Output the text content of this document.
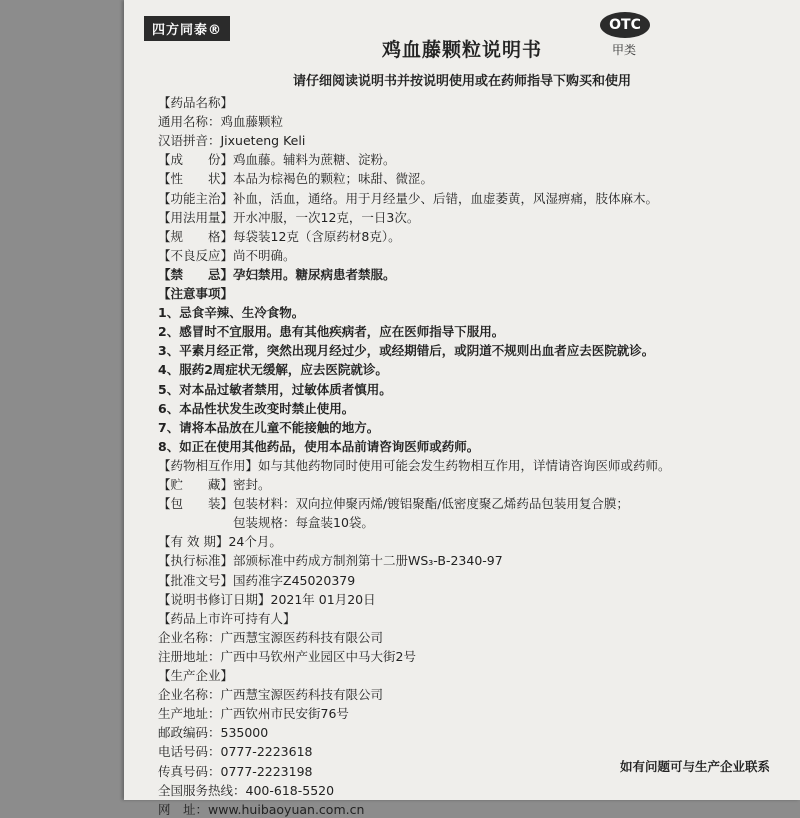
四方同泰®
鸡血藤颗粒说明书
OTC
甲类
请仔细阅读说明书并按说明使用或在药师指导下购买和使用
【药品名称】
通用名称：鸡血藤颗粒
汉语拼音：Jixueteng Keli
【成　　份】鸡血藤。辅料为蔗糖、淀粉。
【性　　状】本品为棕褐色的颗粒；味甜、微涩。
【功能主治】补血，活血，通络。用于月经量少、后错，血虚萎黄，风湿痹痛，肢体麻木。
【用法用量】开水冲服，一次12克，一日3次。
【规　　格】每袋装12克（含原药材8克）。
【不良反应】尚不明确。
【禁　　忌】孕妇禁用。糖尿病患者禁服。
【注意事项】
1、忌食辛辣、生冷食物。
2、感冒时不宜服用。患有其他疾病者，应在医师指导下服用。
3、平素月经正常，突然出现月经过少，或经期错后，或阴道不规则出血者应去医院就诊。
4、服药2周症状无缓解，应去医院就诊。
5、对本品过敏者禁用，过敏体质者慎用。
6、本品性状发生改变时禁止使用。
7、请将本品放在儿童不能接触的地方。
8、如正在使用其他药品，使用本品前请咨询医师或药师。
【药物相互作用】如与其他药物同时使用可能会发生药物相互作用，详情请咨询医师或药师。
【贮　　藏】密封。
【包　　装】包装材料：双向拉伸聚丙烯/镀铝聚酯/低密度聚乙烯药品包装用复合膜；
　　　　　　包装规格：每盒装10袋。
【有 效 期】24个月。
【执行标准】部颁标准中药成方制剂第十二册WS₃-B-2340-97
【批准文号】国药准字Z45020379
【说明书修订日期】2021年 01月20日
【药品上市许可持有人】
企业名称：广西慧宝源医药科技有限公司
注册地址：广西中马钦州产业园区中马大街2号
【生产企业】
企业名称：广西慧宝源医药科技有限公司
生产地址：广西钦州市民安街76号
邮政编码：535000
电话号码：0777-2223618
传真号码：0777-2223198
全国服务热线：400-618-5520
网　址：www.huibaoyuan.com.cn
如有问题可与生产企业联系
